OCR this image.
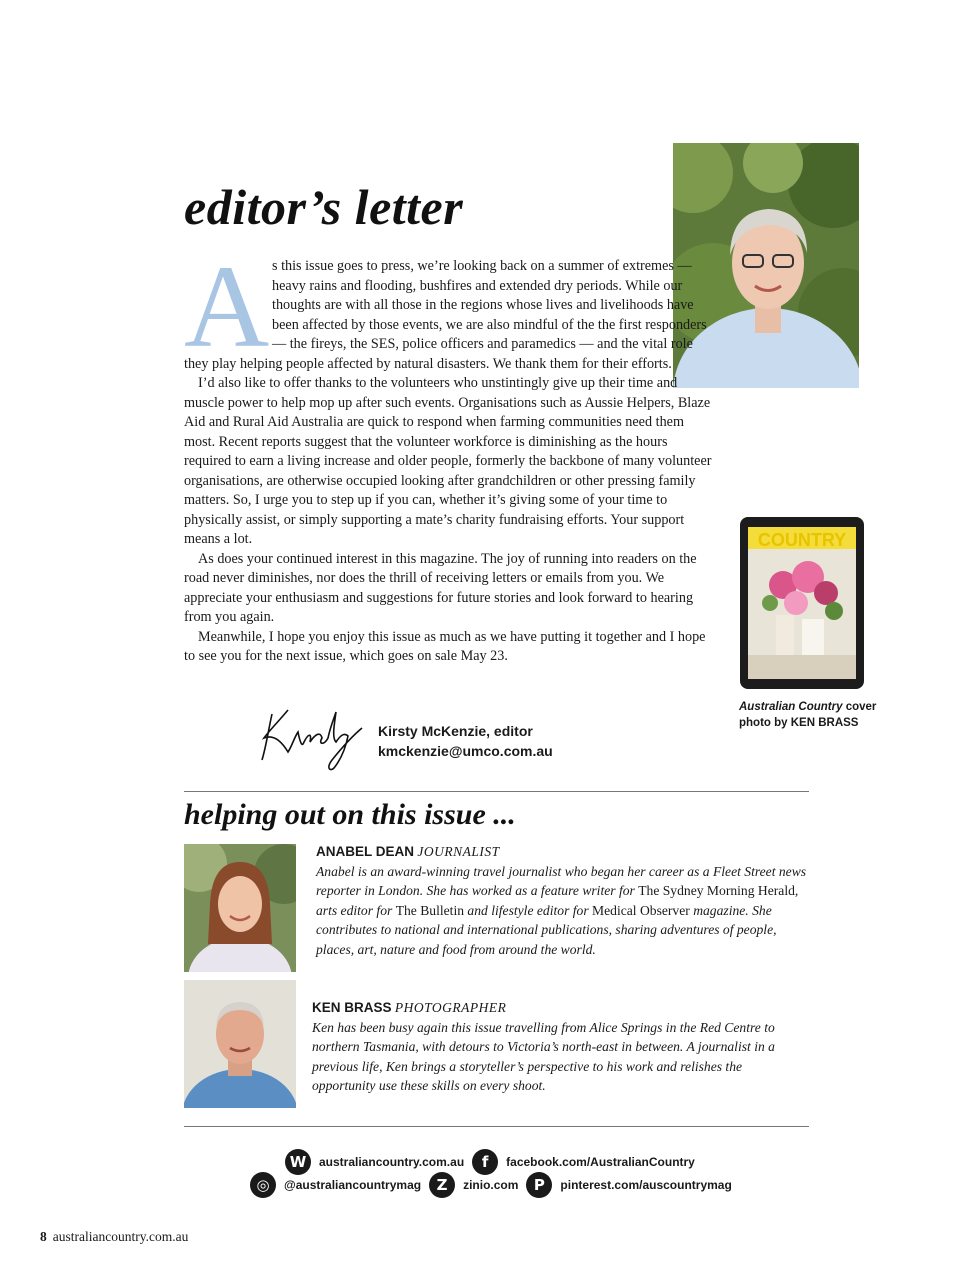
editor’s letter
A s this issue goes to press, we’re looking back on a summer of extremes — heavy rains and flooding, bushfires and extended dry periods. While our thoughts are with all those in the regions whose lives and livelihoods have been affected by those events, we are also mindful of the the first responders — the fireys, the SES, police officers and paramedics — and the vital role they play helping people affected by natural disasters. We thank them for their efforts.

I’d also like to offer thanks to the volunteers who unstintingly give up their time and muscle power to help mop up after such events. Organisations such as Aussie Helpers, Blaze Aid and Rural Aid Australia are quick to respond when farming communities need them most. Recent reports suggest that the volunteer workforce is diminishing as the hours required to earn a living increase and older people, formerly the backbone of many volunteer organisations, are otherwise occupied looking after grandchildren or other pressing family matters. So, I urge you to step up if you can, whether it’s giving some of your time to physically assist, or simply supporting a mate’s charity fundraising efforts. Your support means a lot.

As does your continued interest in this magazine. The joy of running into readers on the road never diminishes, nor does the thrill of receiving letters or emails from you. We appreciate your enthusiasm and suggestions for future stories and look forward to hearing from you again.

Meanwhile, I hope you enjoy this issue as much as we have putting it together and I hope to see you for the next issue, which goes on sale May 23.

COUNTRY
Australian Country cover photo by KEN BRASS
Kirsty
Kirsty McKenzie, editor
kmckenzie@umco.com.au
helping out on this issue ...
ANABEL DEAN JOURNALIST
Anabel is an award-winning travel journalist who began her career as a Fleet Street news reporter in London. She has worked as a feature writer for The Sydney Morning Herald, arts editor for The Bulletin and lifestyle editor for Medical Observer magazine. She contributes to national and international publications, sharing adventures of people, places, art, nature and food from around the world.
KEN BRASS PHOTOGRAPHER
Ken has been busy again this issue travelling from Alice Springs in the Red Centre to northern Tasmania, with detours to Victoria’s north-east in between. A journalist in a previous life, Ken brings a storyteller’s perspective to his work and relishes the opportunity use these skills on every shoot.
W	australiancountry.com.au	f	facebook.com/AustralianCountry
◎	@australiancountrymag	Z	zinio.com	P	pinterest.com/auscountrymag
8 australiancountry.com.au
